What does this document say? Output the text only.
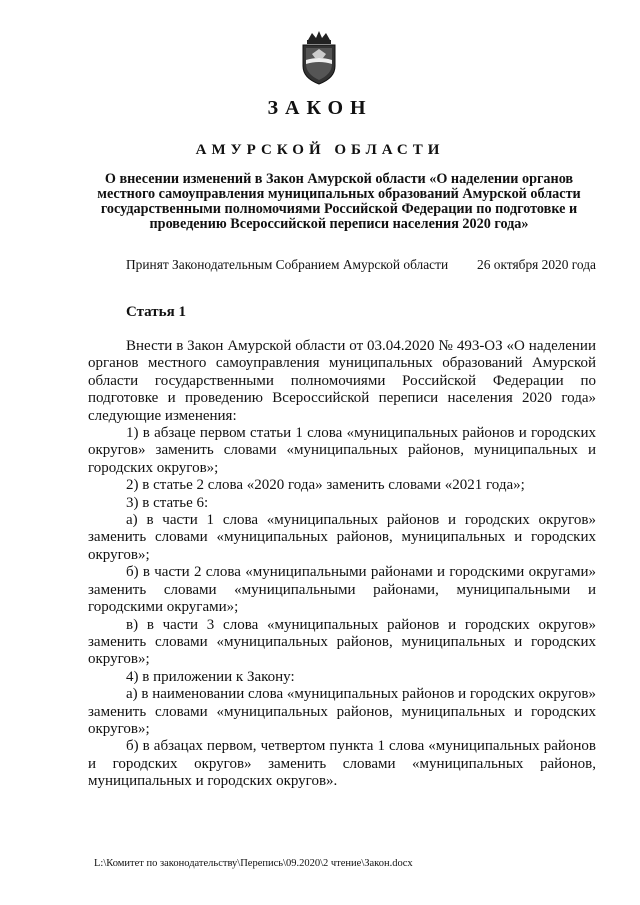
ЗАКОН
АМУРСКОЙ ОБЛАСТИ
О внесении изменений в Закон Амурской области «О наделении органов местного самоуправления муниципальных образований Амурской области государственными полномочиями Российской Федерации по подготовке и проведению Всероссийской переписи населения 2020 года»
Принят Законодательным Собранием Амурской области 26 октября 2020 года
Статья 1

Внести в Закон Амурской области от 03.04.2020 № 493-ОЗ «О наделении органов местного самоуправления муниципальных образований Амурской области государственными полномочиями Российской Федерации по подготовке и проведению Всероссийской переписи населения 2020 года» следующие изменения:

1) в абзаце первом статьи 1 слова «муниципальных районов и городских округов» заменить словами «муниципальных районов, муниципальных и городских округов»;

2) в статье 2 слова «2020 года» заменить словами «2021 года»;

3) в статье 6:

а) в части 1 слова «муниципальных районов и городских округов» заменить словами «муниципальных районов, муниципальных и городских округов»;

б) в части 2 слова «муниципальными районами и городскими округами» заменить словами «муниципальными районами, муниципальными и городскими округами»;

в) в части 3 слова «муниципальных районов и городских округов» заменить словами «муниципальных районов, муниципальных и городских округов»;

4) в приложении к Закону:

а) в наименовании слова «муниципальных районов и городских округов» заменить словами «муниципальных районов, муниципальных и городских округов»;

б) в абзацах первом, четвертом пункта 1 слова «муниципальных районов и городских округов» заменить словами «муниципальных районов, муниципальных и городских округов».

L:\Комитет по законодательству\Перепись\09.2020\2 чтение\Закон.docx
